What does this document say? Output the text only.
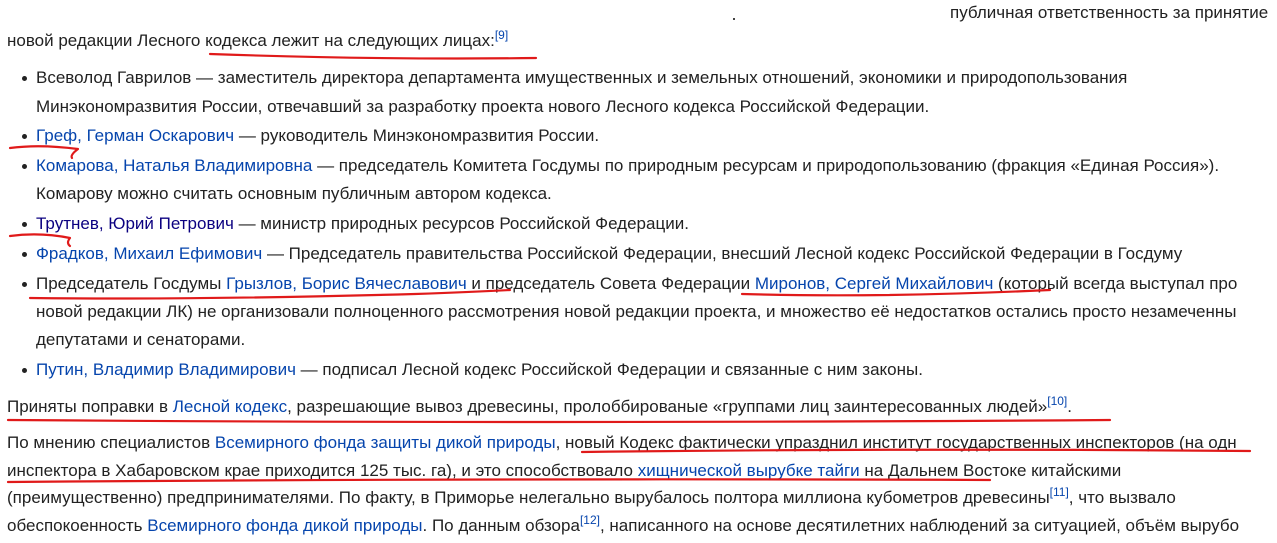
публичная ответственность за принятие
новой редакции Лесного кодекса лежит на следующих лицах:[9]
Всеволод Гаврилов — заместитель директора департамента имущественных и земельных отношений, экономики и природопользования
Минэкономразвития России, отвечавший за разработку проекта нового Лесного кодекса Российской Федерации.
Греф, Герман Оскарович — руководитель Минэкономразвития России.
Комарова, Наталья Владимировна — председатель Комитета Госдумы по природным ресурсам и природопользованию (фракция «Единая Россия»).
Комарову можно считать основным публичным автором кодекса.
Трутнев, Юрий Петрович — министр природных ресурсов Российской Федерации.
Фрадков, Михаил Ефимович — Председатель правительства Российской Федерации, внесший Лесной кодекс Российской Федерации в Госдуму
Председатель Госдумы Грызлов, Борис Вячеславович и председатель Совета Федерации Миронов, Сергей Михайлович (который всегда выступал про
новой редакции ЛК) не организовали полноценного рассмотрения новой редакции проекта, и множество её недостатков остались просто незамеченны
депутатами и сенаторами.
Путин, Владимир Владимирович — подписал Лесной кодекс Российской Федерации и связанные с ним законы.
Приняты поправки в Лесной кодекс, разрешающие вывоз древесины, пролоббированые «группами лиц заинтересованных людей»[10].
По мнению специалистов Всемирного фонда защиты дикой природы, новый Кодекс фактически упразднил институт государственных инспекторов (на одн
инспектора в Хабаровском крае приходится 125 тыс. га), и это способствовало хищнической вырубке тайги на Дальнем Востоке китайскими
(преимущественно) предпринимателями. По факту, в Приморье нелегально вырубалось полтора миллиона кубометров древесины[11], что вызвало
обеспокоенность Всемирного фонда дикой природы. По данным обзора[12], написанного на основе десятилетних наблюдений за ситуацией, объём вырубо
